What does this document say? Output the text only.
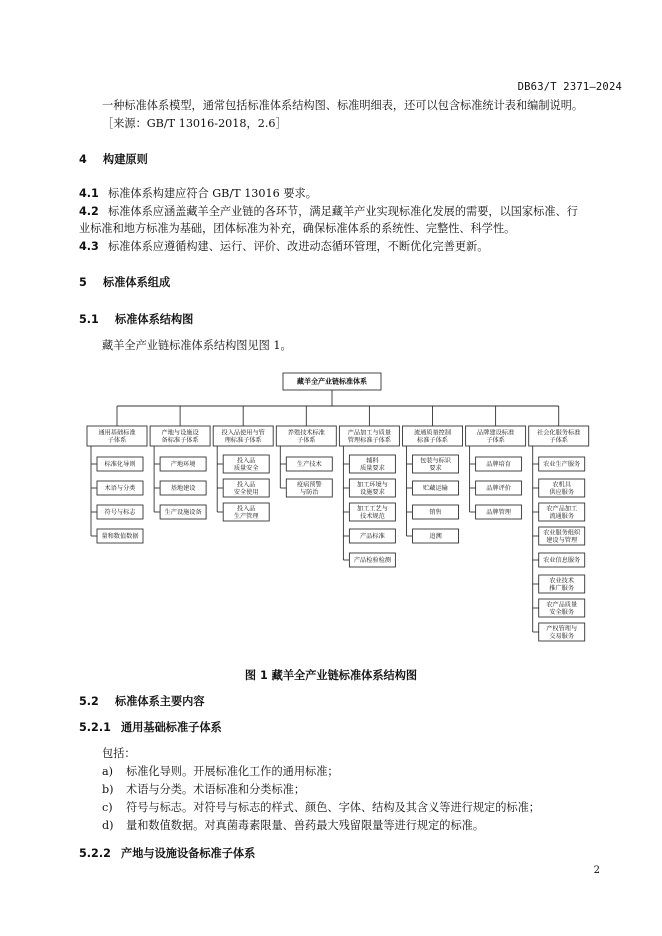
DB63/T 2371—2024
一种标准体系模型，通常包括标准体系结构图、标准明细表，还可以包含标准统计表和编制说明。
［来源：GB/T 13016-2018，2.6］
4 构建原则
4.1 标准体系构建应符合 GB/T 13016 要求。
4.2 标准体系应涵盖藏羊全产业链的各环节，满足藏羊产业实现标准化发展的需要，以国家标准、行
业标准和地方标准为基础，团体标准为补充，确保标准体系的系统性、完整性、科学性。
4.3 标准体系应遵循构建、运行、评价、改进动态循环管理，不断优化完善更新。
5 标准体系组成
5.1 标准体系结构图
藏羊全产业链标准体系结构图见图 1。
藏羊全产业链标准体系
通用基础标准子体系
标准化导则
术语与分类
符号与标志
量和数值数据
产地与设施设备标准子体系
产地环境
基地建设
生产设施设备
投入品使用与管理标准子体系
投入品质量安全
投入品安全使用
投入品生产管理
养殖技术标准子体系
生产技术
疫病预警与防治
产品加工与质量管理标准子体系
辅料质量要求
加工环境与设施要求
加工工艺与技术规范
产品标准
产品检验检测
流通质量控制标准子体系
包装与标识要求
贮藏运输
销售
追溯
品牌建设标准子体系
品牌培育
品牌评价
品牌管理
社会化服务标准子体系
农业生产服务
农机具供应服务
农产品加工流通服务
农业服务组织建设与管理
农业信息服务
农业技术推广服务
农产品质量安全服务
产权管理与交易服务
图 1 藏羊全产业链标准体系结构图
5.2 标准体系主要内容
5.2.1 通用基础标准子体系
包括：
a) 标准化导则。开展标准化工作的通用标准；
b) 术语与分类。术语标准和分类标准；
c) 符号与标志。对符号与标志的样式、颜色、字体、结构及其含义等进行规定的标准；
d) 量和数值数据。对真菌毒素限量、兽药最大残留限量等进行规定的标准。
5.2.2 产地与设施设备标准子体系
2
